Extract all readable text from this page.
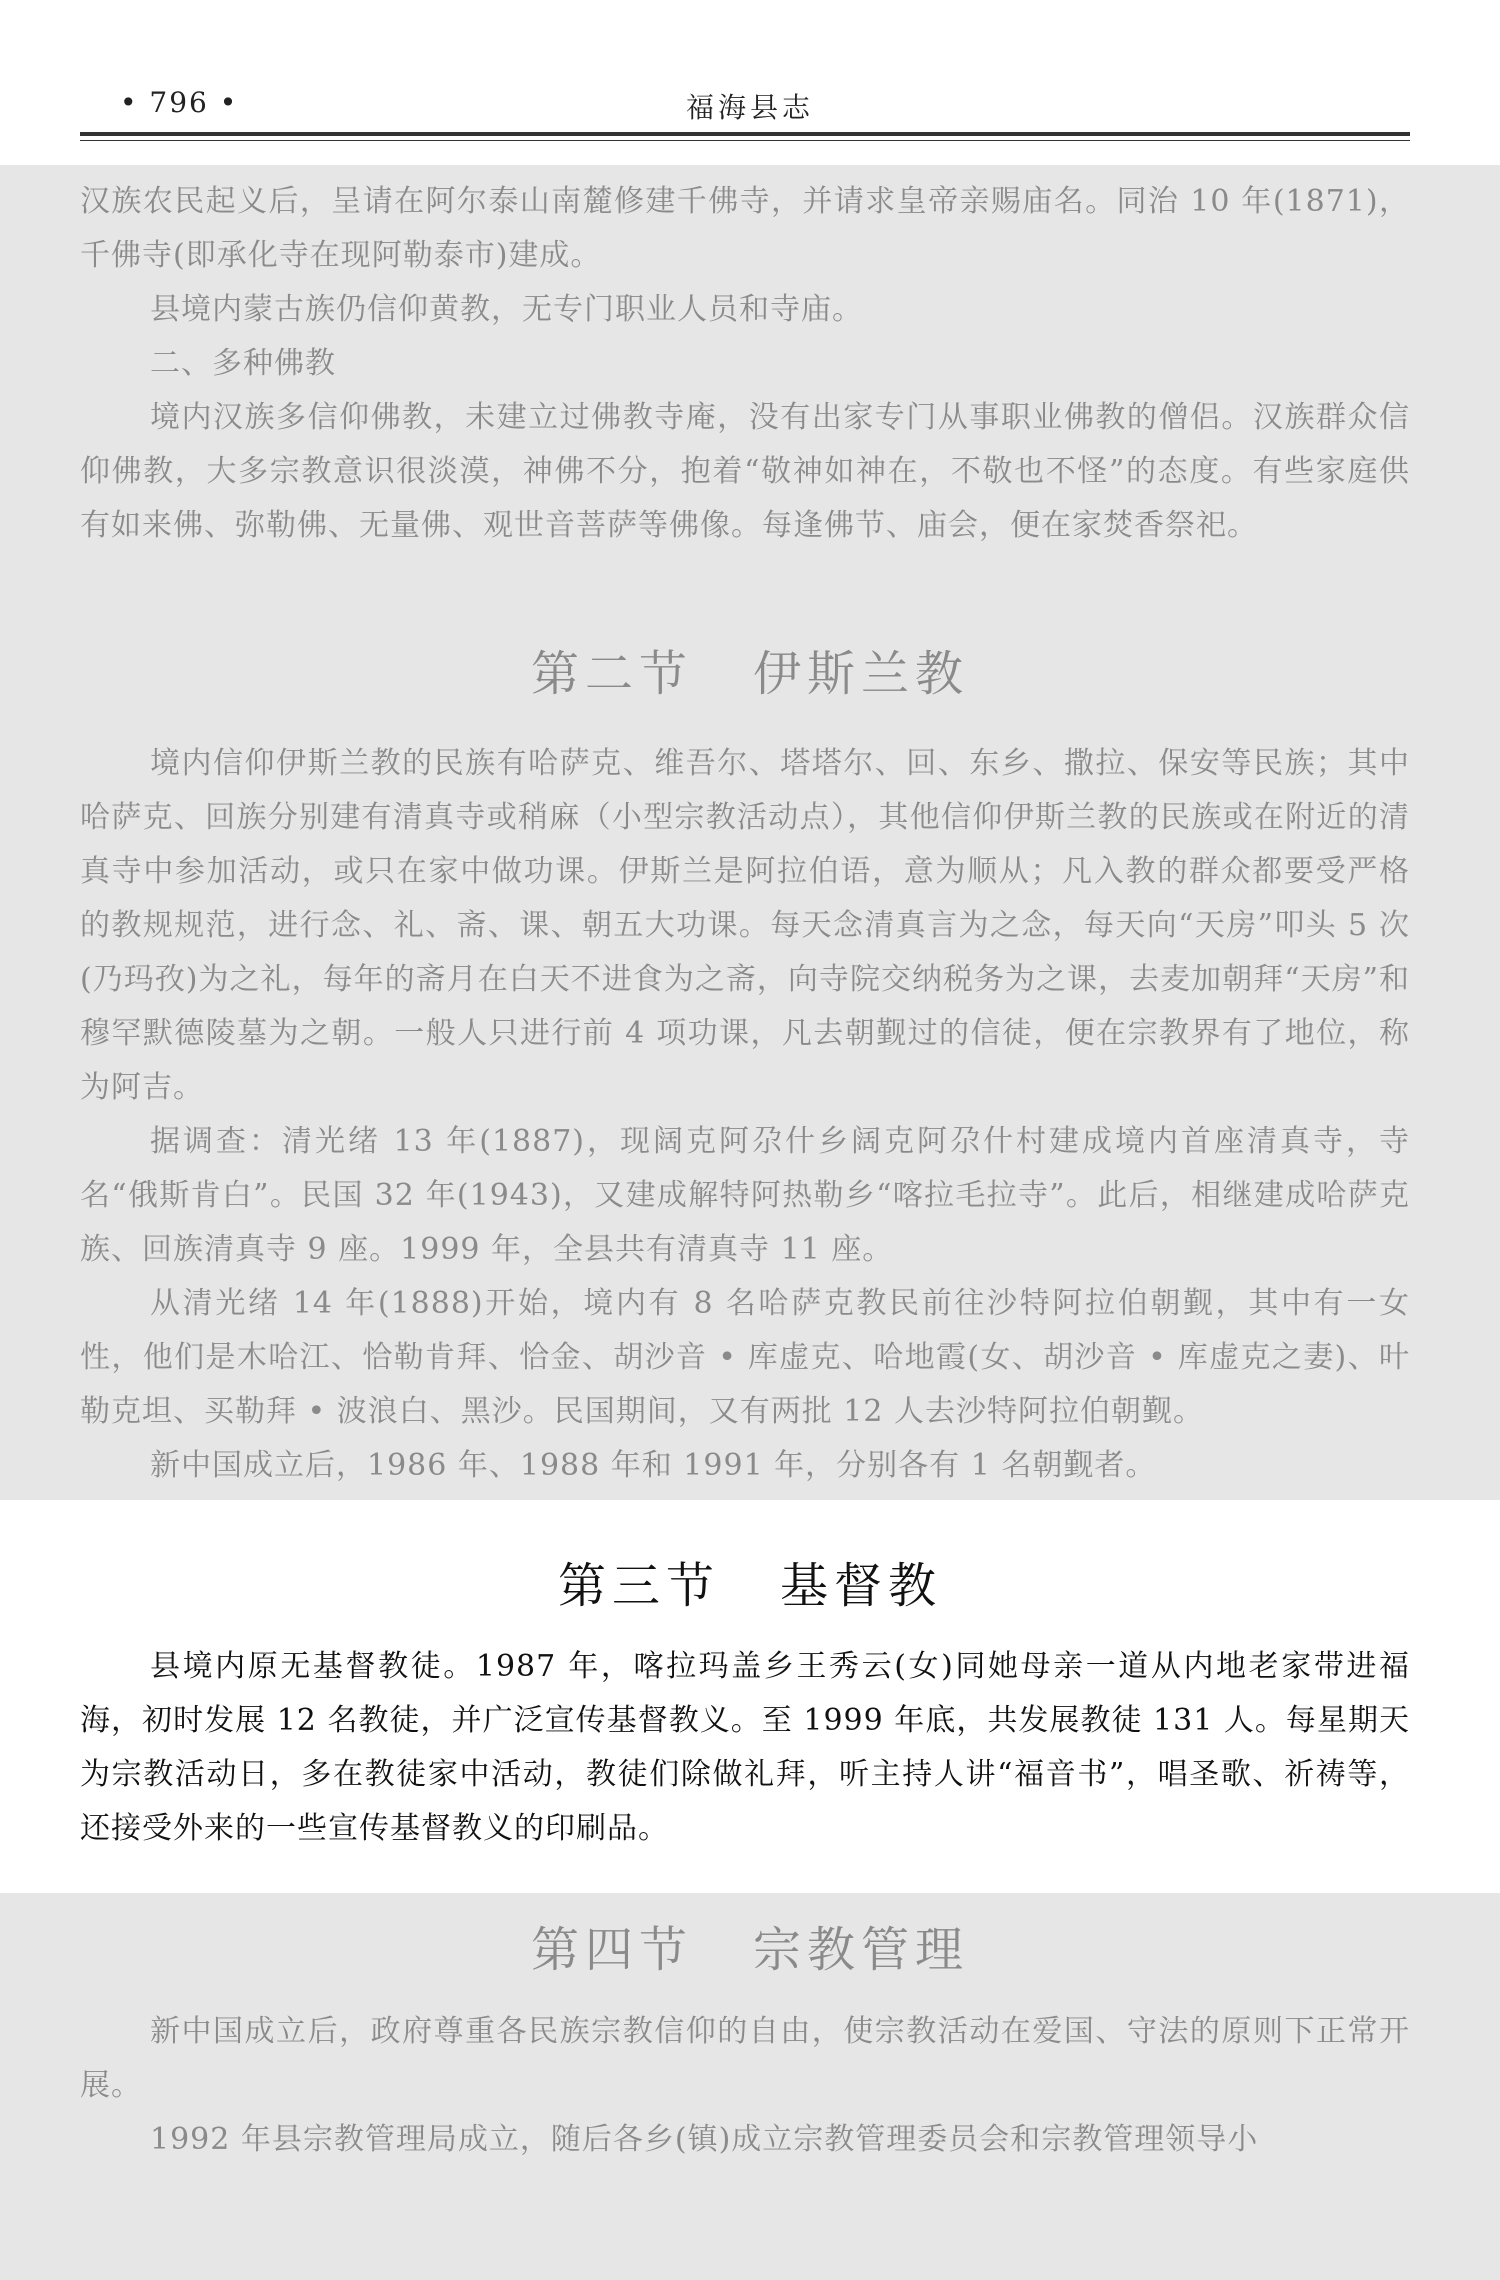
• 796 •	福海县志

汉族农民起义后，呈请在阿尔泰山南麓修建千佛寺，并请求皇帝亲赐庙名。同治 10 年(1871)，千佛寺(即承化寺在现阿勒泰市)建成。

县境内蒙古族仍信仰黄教，无专门职业人员和寺庙。

二、多种佛教

境内汉族多信仰佛教，未建立过佛教寺庵，没有出家专门从事职业佛教的僧侣。汉族群众信仰佛教，大多宗教意识很淡漠，神佛不分，抱着“敬神如神在，不敬也不怪”的态度。有些家庭供有如来佛、弥勒佛、无量佛、观世音菩萨等佛像。每逢佛节、庙会，便在家焚香祭祀。

第二节 伊斯兰教

境内信仰伊斯兰教的民族有哈萨克、维吾尔、塔塔尔、回、东乡、撒拉、保安等民族；其中哈萨克、回族分别建有清真寺或稍麻（小型宗教活动点），其他信仰伊斯兰教的民族或在附近的清真寺中参加活动，或只在家中做功课。伊斯兰是阿拉伯语，意为顺从；凡入教的群众都要受严格的教规规范，进行念、礼、斋、课、朝五大功课。每天念清真言为之念，每天向“天房”叩头 5 次(乃玛孜)为之礼，每年的斋月在白天不进食为之斋，向寺院交纳税务为之课，去麦加朝拜“天房”和穆罕默德陵墓为之朝。一般人只进行前 4 项功课，凡去朝觐过的信徒，便在宗教界有了地位，称为阿吉。

据调查：清光绪 13 年(1887)，现阔克阿尕什乡阔克阿尕什村建成境内首座清真寺，寺名“俄斯肯白”。民国 32 年(1943)，又建成解特阿热勒乡“喀拉毛拉寺”。此后，相继建成哈萨克族、回族清真寺 9 座。1999 年，全县共有清真寺 11 座。

从清光绪 14 年(1888)开始，境内有 8 名哈萨克教民前往沙特阿拉伯朝觐，其中有一女性，他们是木哈江、恰勒肯拜、恰金、胡沙音 • 库虚克、哈地霞(女、胡沙音 • 库虚克之妻)、叶勒克坦、买勒拜 • 波浪白、黑沙。民国期间，又有两批 12 人去沙特阿拉伯朝觐。

新中国成立后，1986 年、1988 年和 1991 年，分别各有 1 名朝觐者。

第三节 基督教

县境内原无基督教徒。1987 年，喀拉玛盖乡王秀云(女)同她母亲一道从内地老家带进福海，初时发展 12 名教徒，并广泛宣传基督教义。至 1999 年底，共发展教徒 131 人。每星期天为宗教活动日，多在教徒家中活动，教徒们除做礼拜，听主持人讲“福音书”，唱圣歌、祈祷等，还接受外来的一些宣传基督教义的印刷品。

第四节 宗教管理

新中国成立后，政府尊重各民族宗教信仰的自由，使宗教活动在爱国、守法的原则下正常开展。

1992 年县宗教管理局成立，随后各乡(镇)成立宗教管理委员会和宗教管理领导小
